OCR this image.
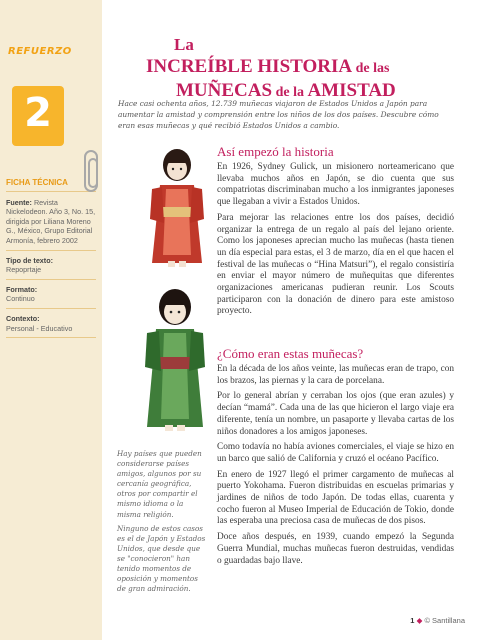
REFUERZO
2
FICHA TÉCNICA
Fuente: Revista Nickelodeon. Año 3, No. 15, dirigida por Liliana Moreno G., México, Grupo Editorial Armonía, febrero 2002
Tipo de texto:
Repoprtaje
Formato:
Continuo
Contexto:
Personal - Educativo
La
INCREÍBLE HISTORIA de las
MUÑECAS de la AMISTAD

Hace casi ochenta años, 12.739 muñecas viajaron de Estados Unidos a Japón para aumentar la amistad y comprensión entre los niños de los dos países. Descubre cómo eran esas muñecas y qué recibió Estados Unidos a cambio.

Hay países que pueden considerarse países amigos, algunos por su cercanía geográfica, otros por compartir el mismo idioma o la misma religión.

Ninguno de estos casos es el de Japón y Estados Unidos, que desde que se "conocieron" han tenido momentos de oposición y momentos de gran admiración.

Así empezó la historia

En 1926, Sydney Gulick, un misionero norteamericano que llevaba muchos años en Japón, se dio cuenta que sus compatriotas discriminaban mucho a los inmigrantes japoneses que llegaban a vivir a Estados Unidos.

Para mejorar las relaciones entre los dos países, decidió organizar la entrega de un regalo al país del lejano oriente. Como los japoneses aprecian mucho las muñecas (hasta tienen un día especial para estas, el 3 de marzo, día en el que hacen el festival de las muñecas o “Hina Matsuri”), el regalo consistiría en enviar el mayor número de muñequitas que diferentes organizaciones americanas pudieran reunir. Los Scouts participaron con la donación de dinero para este amistoso proyecto.

¿Cómo eran estas muñecas?

En la década de los años veinte, las muñecas eran de trapo, con los brazos, las piernas y la cara de porcelana.

Por lo general abrían y cerraban los ojos (que eran azules) y decían “mamá”. Cada una de las que hicieron el largo viaje era diferente, tenía un nombre, un pasaporte y llevaba cartas de los niños donadores a los amigos japoneses.

Como todavía no había aviones comerciales, el viaje se hizo en un barco que salió de California y cruzó el océano Pacífico.

En enero de 1927 llegó el primer cargamento de muñecas al puerto Yokohama. Fueron distribuidas en escuelas primarias y jardines de niños de todo Japón. De todas ellas, cuarenta y cocho fueron al Museo Imperial de Educación de Tokio, donde las esperaba una preciosa casa de muñecas de dos pisos.

Doce años después, en 1939, cuando empezó la Segunda Guerra Mundial, muchas muñecas fueron destruidas, vendidas o guardadas bajo llave.

1 ◆ © Santillana
